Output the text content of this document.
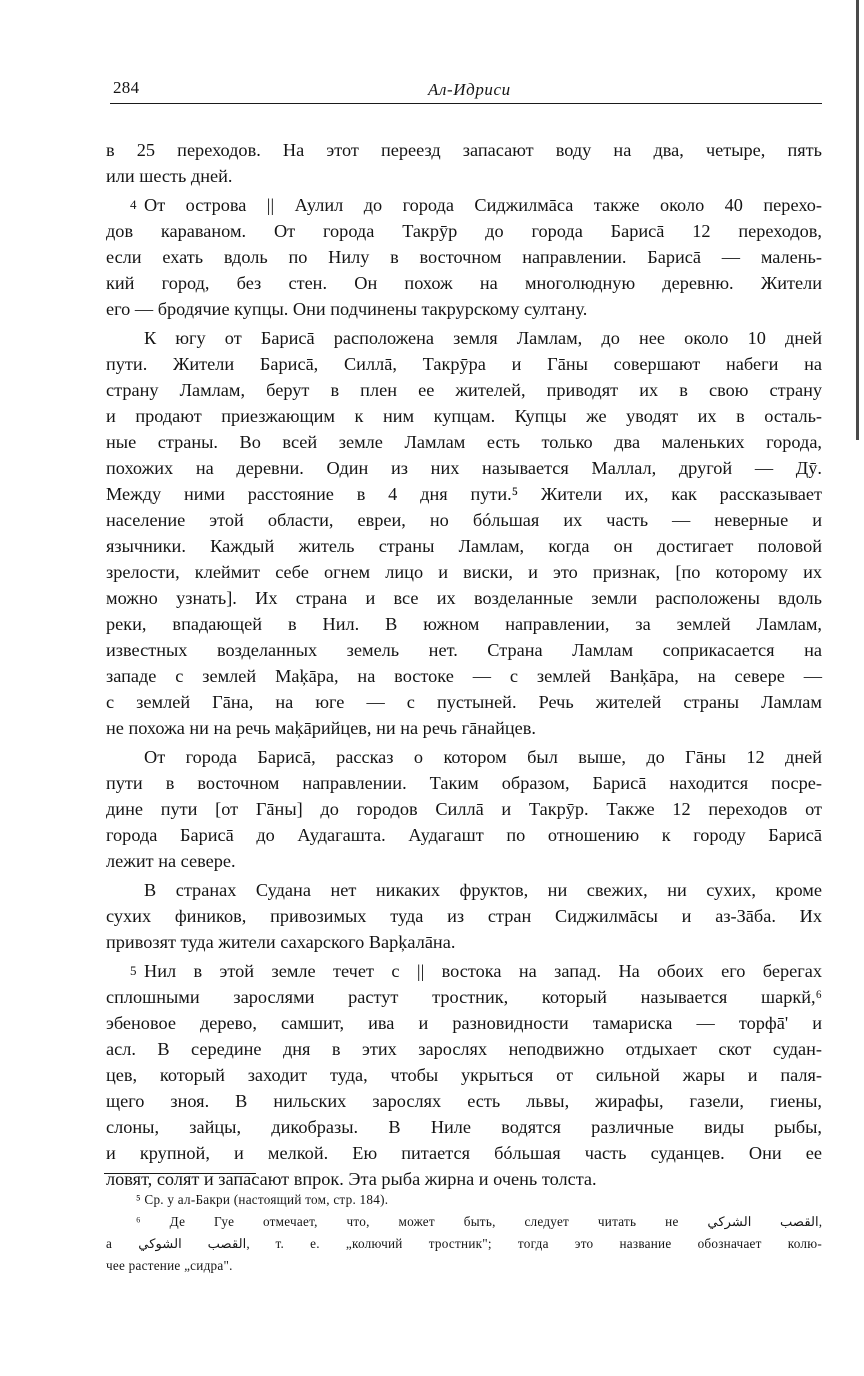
284	Ал-Идриси
в 25 переходов. На этот переезд запасают воду на два, четыре, пять
или шесть дней.
4 От острова || Аулил до города Сиджилмāса также около 40 перехо-
дов караваном. От города Такрӯр до города Барисā 12 переходов,
если ехать вдоль по Нилу в восточном направлении. Барисā — малень-
кий город, без стен. Он похож на многолюдную деревню. Жители
его — бродячие купцы. Они подчинены такрурскому султану.
К югу от Барисā расположена земля Ламлам, до нее около 10 дней
пути. Жители Барисā, Силлā, Такрӯра и Гāны совершают набеги на
страну Ламлам, берут в плен ее жителей, приводят их в свою страну
и продают приезжающим к ним купцам. Купцы же уводят их в осталь-
ные страны. Во всей земле Ламлам есть только два маленьких города,
похожих на деревни. Один из них называется Маллал, другой — Дӯ.
Между ними расстояние в 4 дня пути.⁵ Жители их, как рассказывает
население этой области, евреи, но бóльшая их часть — неверные и
язычники. Каждый житель страны Ламлам, когда он достигает половой
зрелости, клеймит себе огнем лицо и виски, и это признак, [по которому их
можно узнать]. Их страна и все их возделанные земли расположены вдоль
реки, впадающей в Нил. В южном направлении, за землей Ламлам,
известных возделанных земель нет. Страна Ламлам соприкасается на
западе с землей Маķāра, на востоке — с землей Ванķāра, на севере —
с землей Гāна, на юге — с пустыней. Речь жителей страны Ламлам
не похожа ни на речь маķāрийцев, ни на речь гāнайцев.
От города Барисā, рассказ о котором был выше, до Гāны 12 дней
пути в восточном направлении. Таким образом, Барисā находится посре-
дине пути [от Гāны] до городов Силлā и Такрӯр. Также 12 переходов от
города Барисā до Аудагашта. Аудагашт по отношению к городу Барисā
лежит на севере.
В странах Судана нет никаких фруктов, ни свежих, ни сухих, кроме
сухих фиников, привозимых туда из стран Сиджилмāсы и аз-Зāба. Их
привозят туда жители сахарского Варķалāна.
5 Нил в этой земле течет с || востока на запад. На обоих его берегах
сплошными зарослями растут тростник, который называется шаркй,⁶
эбеновое дерево, самшит, ива и разновидности тамариска — торфā' и
асл. В середине дня в этих зарослях неподвижно отдыхает скот судан-
цев, который заходит туда, чтобы укрыться от сильной жары и паля-
щего зноя. В нильских зарослях есть львы, жирафы, газели, гиены,
слоны, зайцы, дикобразы. В Ниле водятся различные виды рыбы,
и крупной, и мелкой. Ею питается бóльшая часть суданцев. Они ее
ловят, солят и запасают впрок. Эта рыба жирна и очень толста.
⁵ Ср. у ал-Бакри (настоящий том, стр. 184).
⁶ Де Гуе отмечает, что, может быть, следует читать не القصب الشركي,
а القصب الشوكي, т. е. „колючий тростник"; тогда это название обозначает колю-
чее растение „сидра".
